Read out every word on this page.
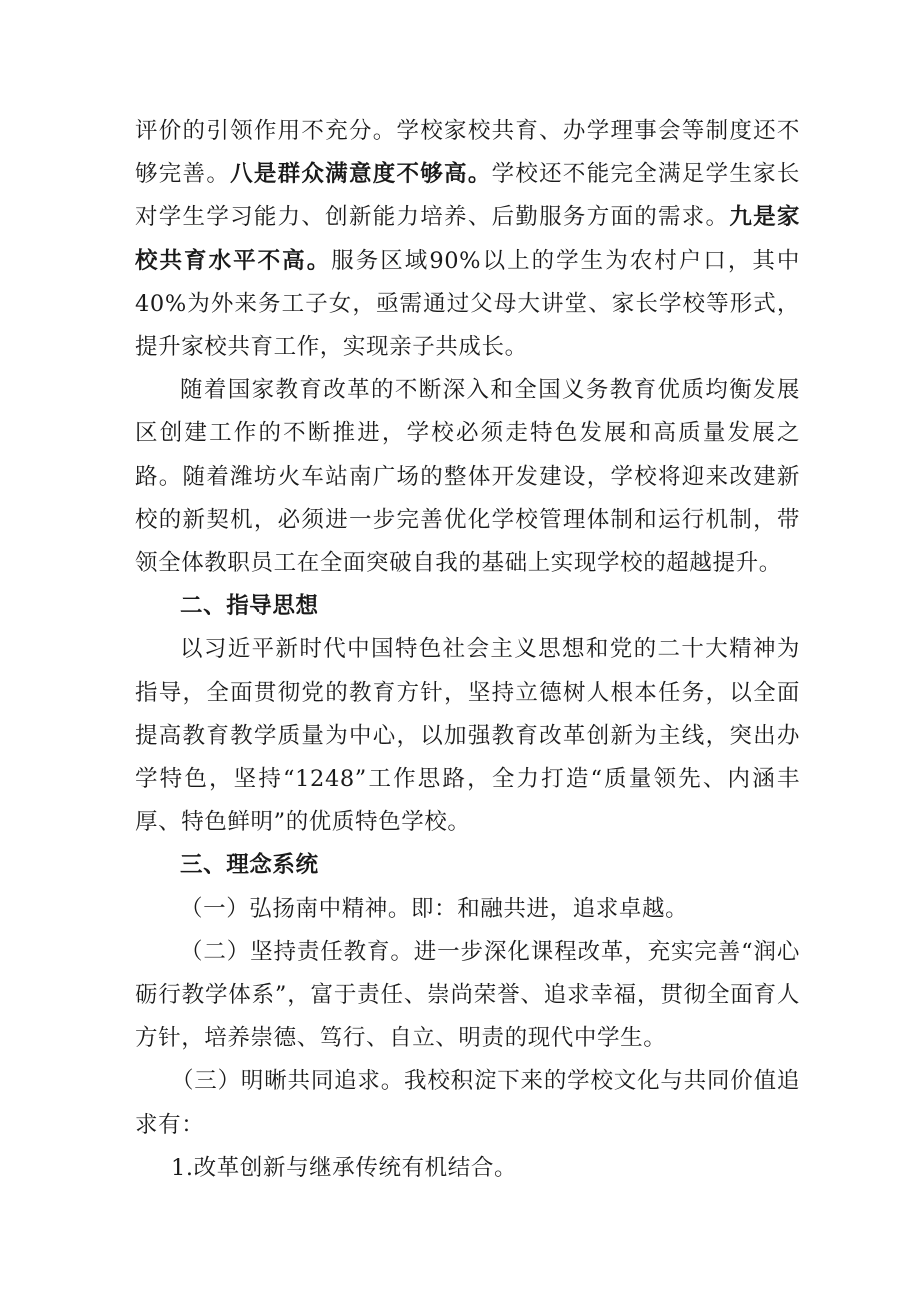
评价的引领作用不充分。学校家校共育、办学理事会等制度还不够完善。八是群众满意度不够高。学校还不能完全满足学生家长对学生学习能力、创新能力培养、后勤服务方面的需求。九是家校共育水平不高。服务区域90%以上的学生为农村户口，其中40%为外来务工子女，亟需通过父母大讲堂、家长学校等形式，提升家校共育工作，实现亲子共成长。

随着国家教育改革的不断深入和全国义务教育优质均衡发展区创建工作的不断推进，学校必须走特色发展和高质量发展之路。随着潍坊火车站南广场的整体开发建设，学校将迎来改建新校的新契机，必须进一步完善优化学校管理体制和运行机制，带领全体教职员工在全面突破自我的基础上实现学校的超越提升。

二、指导思想

以习近平新时代中国特色社会主义思想和党的二十大精神为指导，全面贯彻党的教育方针，坚持立德树人根本任务，以全面提高教育教学质量为中心，以加强教育改革创新为主线，突出办学特色，坚持“1248”工作思路，全力打造“质量领先、内涵丰厚、特色鲜明”的优质特色学校。

三、理念系统

（一）弘扬南中精神。即：和融共进，追求卓越。

（二）坚持责任教育。进一步深化课程改革，充实完善“润心砺行教学体系”，富于责任、崇尚荣誉、追求幸福，贯彻全面育人方针，培养崇德、笃行、自立、明责的现代中学生。

（三）明晰共同追求。我校积淀下来的学校文化与共同价值追求有：

1.改革创新与继承传统有机结合。
